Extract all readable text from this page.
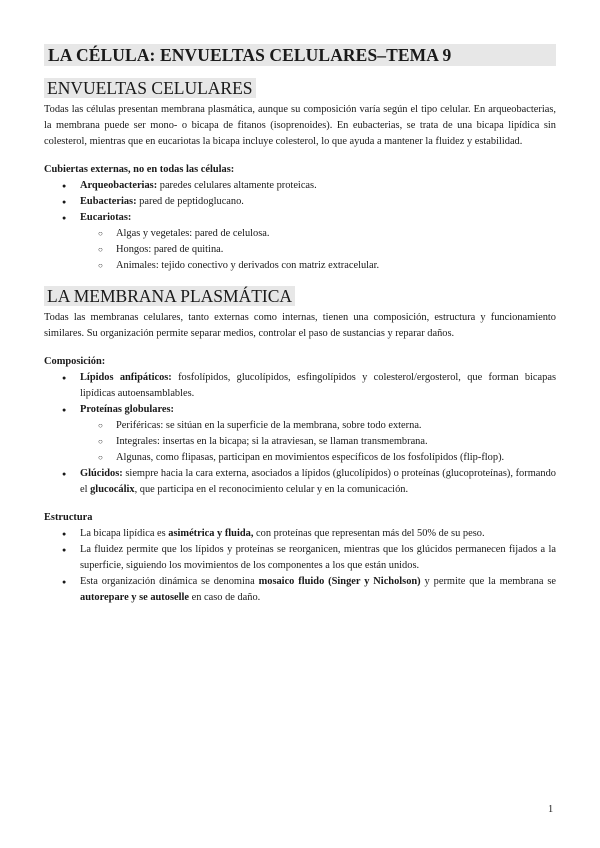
LA CÉLULA: ENVUELTAS CELULARES–TEMA 9
ENVUELTAS CELULARES

Todas las células presentan membrana plasmática, aunque su composición varía según el tipo celular. En arqueobacterias, la membrana puede ser mono- o bicapa de fitanos (isoprenoides). En eubacterias, se trata de una bicapa lipídica sin colesterol, mientras que en eucariotas la bicapa incluye colesterol, lo que ayuda a mantener la fluidez y estabilidad.

Cubiertas externas, no en todas las células:

● Arqueobacterias: paredes celulares altamente proteicas.
● Eubacterias: pared de peptidoglucano.
● Eucariotas:
○ Algas y vegetales: pared de celulosa.
○ Hongos: pared de quitina.
○ Animales: tejido conectivo y derivados con matriz extracelular.
LA MEMBRANA PLASMÁTICA

Todas las membranas celulares, tanto externas como internas, tienen una composición, estructura y funcionamiento similares. Su organización permite separar medios, controlar el paso de sustancias y reparar daños.

Composición:

● Lípidos anfipáticos: fosfolípidos, glucolípidos, esfingolípidos y colesterol/ergosterol, que forman bicapas lipídicas autoensamblables.
● Proteínas globulares:
○ Periféricas: se sitúan en la superficie de la membrana, sobre todo externa.
○ Integrales: insertas en la bicapa; si la atraviesan, se llaman transmembrana.
○ Algunas, como flipasas, participan en movimientos específicos de los fosfolípidos (flip-flop).
● Glúcidos: siempre hacia la cara externa, asociados a lípidos (glucolípidos) o proteínas (glucoproteínas), formando el glucocálix, que participa en el reconocimiento celular y en la comunicación.

Estructura

● La bicapa lipídica es asimétrica y fluida, con proteínas que representan más del 50% de su peso.
● La fluidez permite que los lípidos y proteínas se reorganicen, mientras que los glúcidos permanecen fijados a la superficie, siguiendo los movimientos de los componentes a los que están unidos.
● Esta organización dinámica se denomina mosaico fluido (Singer y Nicholson) y permite que la membrana se autorepare y se autoselle en caso de daño.
1
